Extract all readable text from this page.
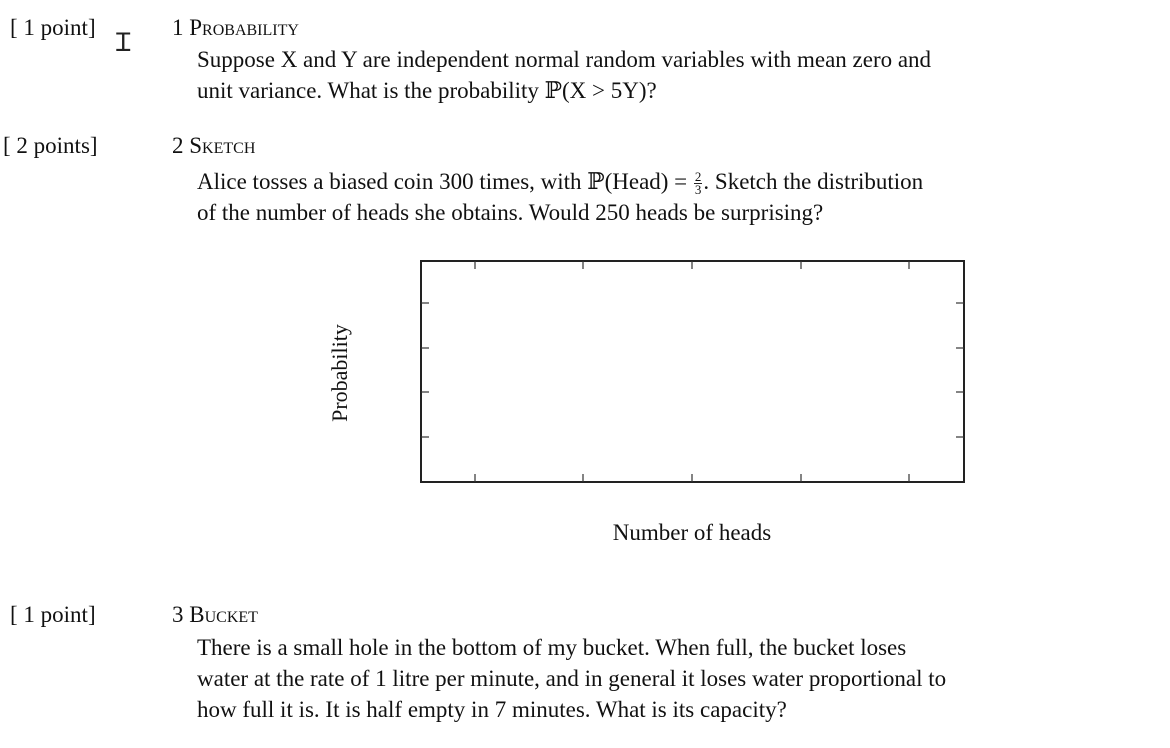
[ 1 point]
Ɪ
1 Probability
Suppose X and Y are independent normal random variables with mean zero and
unit variance. What is the probability ℙ(X > 5Y)?
[ 2 points]	2 Sketch
Alice tosses a biased coin 300 times, with ℙ(Head) = $\frac{2}{3}$ . Sketch the distribution
of the number of heads she obtains. Would 250 heads be surprising?
Probability
Number of heads
[ 1 point]	3 Bucket
There is a small hole in the bottom of my bucket. When full, the bucket loses
water at the rate of 1 litre per minute, and in general it loses water proportional to
how full it is. It is half empty in 7 minutes. What is its capacity?
